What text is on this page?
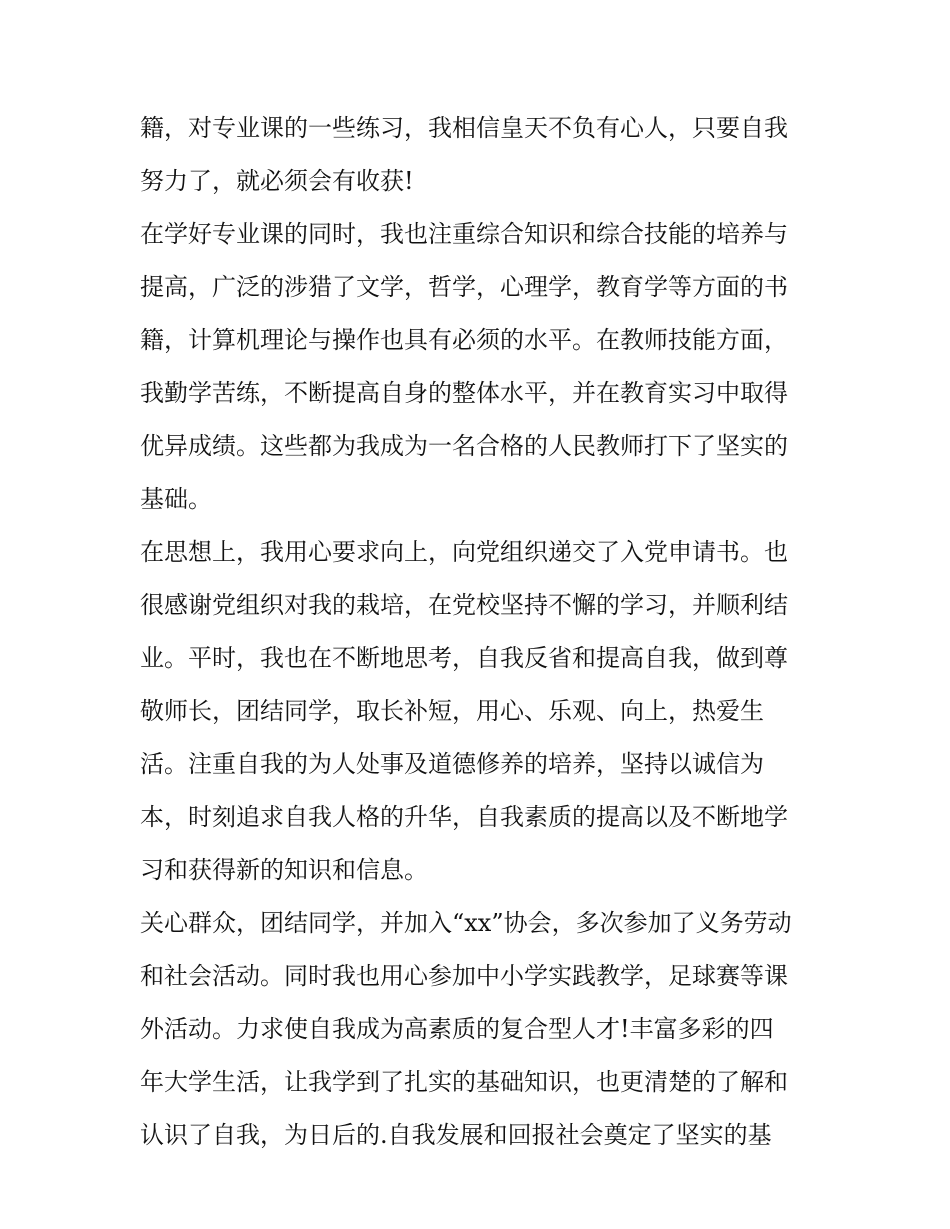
籍，对专业课的一些练习，我相信皇天不负有心人，只要自我
努力了，就必须会有收获!
在学好专业课的同时，我也注重综合知识和综合技能的培养与
提高，广泛的涉猎了文学，哲学，心理学，教育学等方面的书
籍，计算机理论与操作也具有必须的水平。在教师技能方面，
我勤学苦练，不断提高自身的整体水平，并在教育实习中取得
优异成绩。这些都为我成为一名合格的人民教师打下了坚实的
基础。
在思想上，我用心要求向上，向党组织递交了入党申请书。也
很感谢党组织对我的栽培，在党校坚持不懈的学习，并顺利结
业。平时，我也在不断地思考，自我反省和提高自我，做到尊
敬师长，团结同学，取长补短，用心、乐观、向上，热爱生
活。注重自我的为人处事及道德修养的培养，坚持以诚信为
本，时刻追求自我人格的升华，自我素质的提高以及不断地学
习和获得新的知识和信息。
关心群众，团结同学，并加入“xx”协会，多次参加了义务劳动
和社会活动。同时我也用心参加中小学实践教学，足球赛等课
外活动。力求使自我成为高素质的复合型人才!丰富多彩的四
年大学生活，让我学到了扎实的基础知识，也更清楚的了解和
认识了自我，为日后的.自我发展和回报社会奠定了坚实的基
